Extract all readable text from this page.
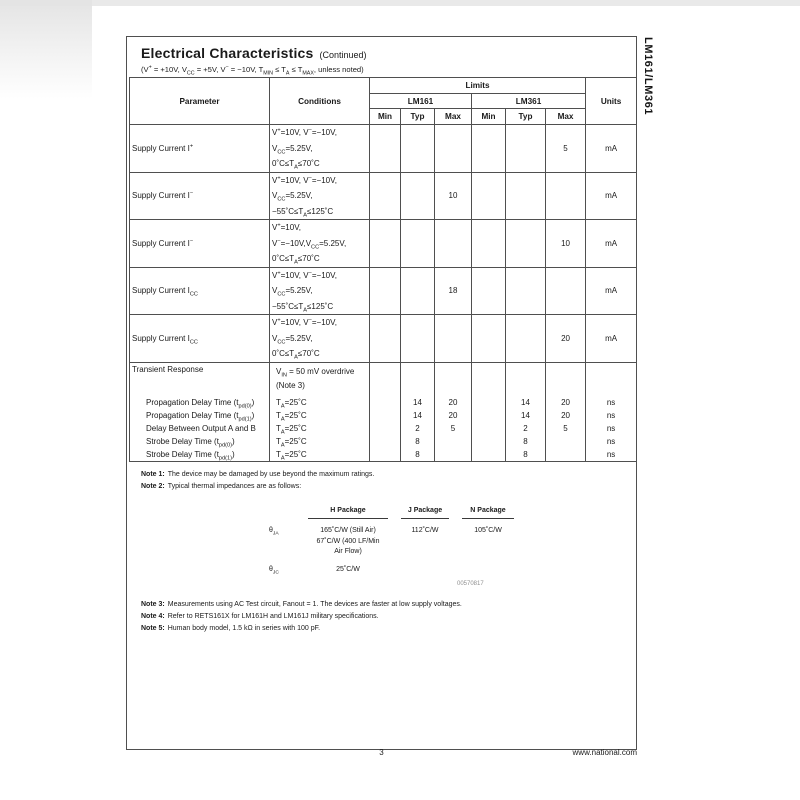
Electrical Characteristics (Continued)
(V+ = +10V, $V_{CC} = +5V$, V− = −10V, $T_{MIN} \le T_A \le T_{MAX}$, unless noted)
Parameter	Conditions	Limits						Units
		LM161			LM361			
		Min	Typ	Max	Min	Typ	Max	
Supply Current I+	V+=10V, V−=−10V,
$V_{CC}=5.25V$,
$0˚C\le T_A\le 70˚C$						5	mA
Supply Current I−	V+=10V, V−=−10V,
$V_{CC}=5.25V$,
$-55˚C\le T_A\le 125˚C$			10				mA
Supply Current I−	V+=10V,
$V^-=-10V,V_{CC}=5.25V$,
$0˚C\le T_A\le 70˚C$						10	mA
Supply Current $I_{CC}$	V+=10V, V−=−10V,
$V_{CC}=5.25V$,
$-55˚C\le T_A\le 125˚C$			18				mA
Supply Current $I_{CC}$	V+=10V, V−=−10V,
$V_{CC}=5.25V$,
$0˚C\le T_A\le 70˚C$						20	mA
Transient Response	$V_{IN} = 50$ mV overdrive
(Note 3)							
Propagation Delay Time $(t_{pd(0)})$	$T_A=25˚C$		14	20		14	20	ns
Propagation Delay Time $(t_{pd(1)})$	$T_A=25˚C$		14	20		14	20	ns
Delay Between Output A and B	$T_A=25˚C$		2	5		2	5	ns
Strobe Delay Time $(t_{pd(0)})$	$T_A=25˚C$		8			8		ns
Strobe Delay Time $(t_{pd(1)})$	$T_A=25˚C$		8			8		ns
Note 1: The device may be damaged by use beyond the maximum ratings.
Note 2: Typical thermal impedances are as follows:
H Package	J Package	N Package
$\theta_{JA}$	165˚C/W (Still Air)
67˚C/W (400 LF/Min
Air Flow)
112˚C/W	105˚C/W
$\theta_{JC}$	25˚C/W
00570817
Note 3: Measurements using AC Test circuit, Fanout = 1. The devices are faster at low supply voltages.
Note 4: Refer to RETS161X for LM161H and LM161J military specifications.
Note 5: Human body model, 1.5 kΩ in series with 100 pF.
LM161/LM361
3	www.national.com
